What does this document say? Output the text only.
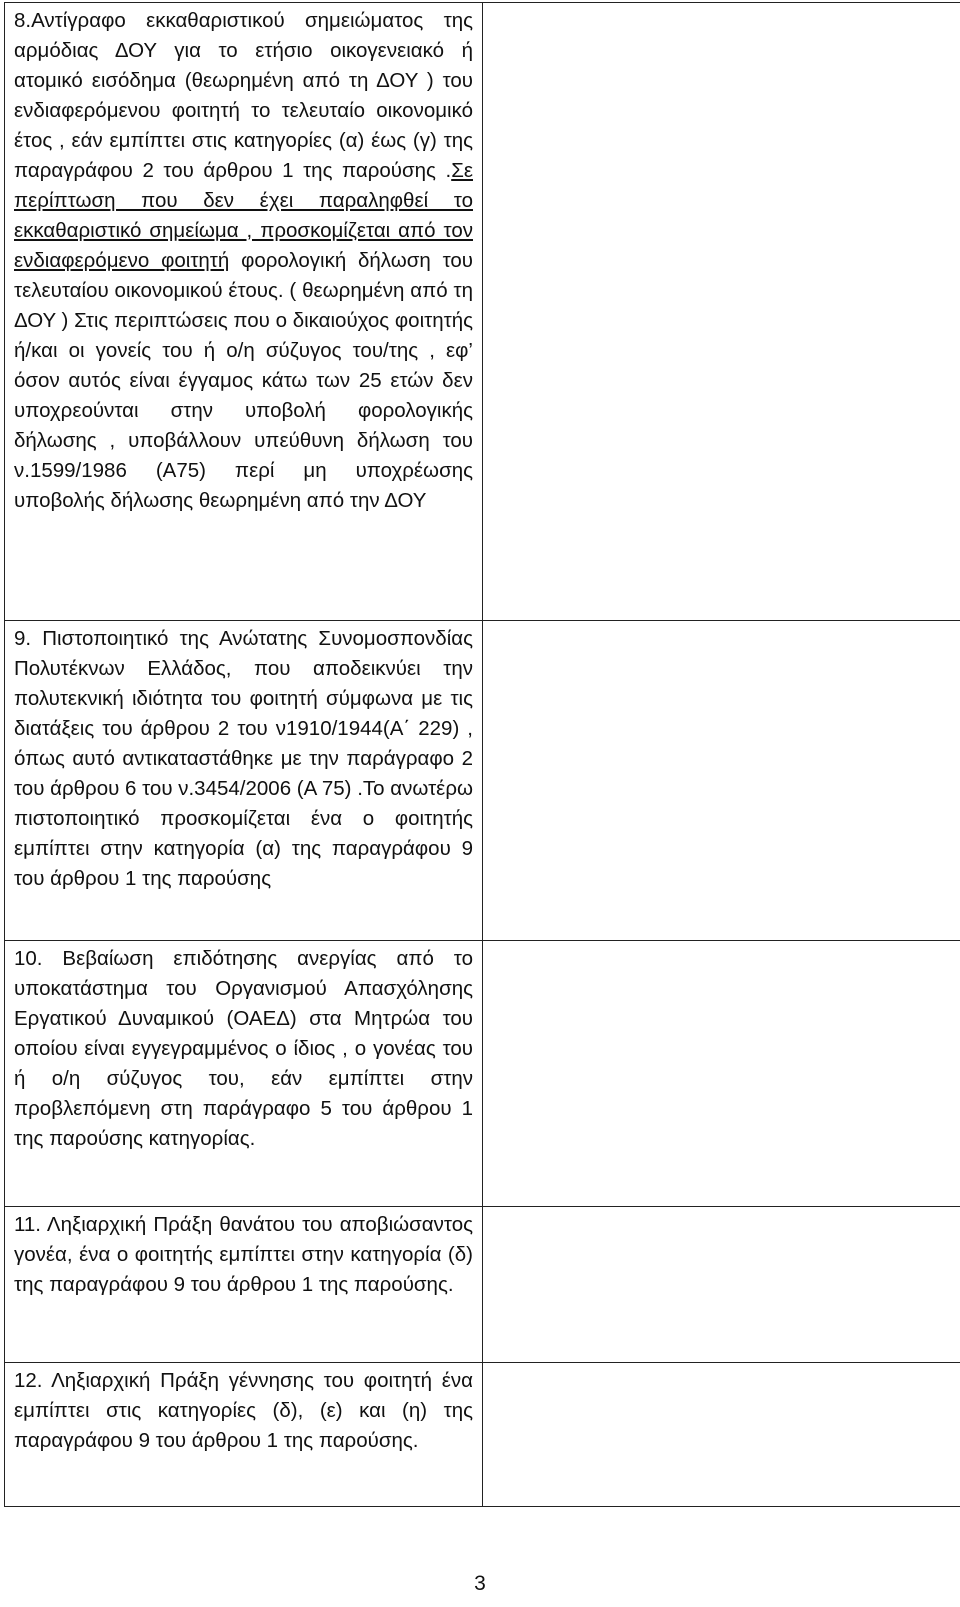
8.Αντίγραφο εκκαθαριστικού σημειώματος της αρμόδιας ΔΟΥ για το ετήσιο οικογενειακό ή ατομικό εισόδημα (θεωρημένη από τη ΔΟΥ ) του ενδιαφερόμενου φοιτητή το τελευταίο οικονομικό έτος , εάν εμπίπτει στις κατηγορίες (α) έως (γ) της παραγράφου 2 του άρθρου 1 της παρούσης .Σε περίπτωση που δεν έχει παραληφθεί το εκκαθαριστικό σημείωμα , προσκομίζεται από τον ενδιαφερόμενο φοιτητή φορολογική δήλωση του τελευταίου οικονομικού έτους. ( θεωρημένη από τη ΔΟΥ ) Στις περιπτώσεις που ο δικαιούχος φοιτητής ή/και οι γονείς του ή ο/η σύζυγος του/της , εφ’ όσον αυτός είναι έγγαμος κάτω των 25 ετών δεν υποχρεούνται στην υποβολή φορολογικής δήλωσης , υποβάλλουν υπεύθυνη δήλωση του ν.1599/1986 (Α75) περί μη υποχρέωσης υποβολής δήλωσης θεωρημένη από την ΔΟΥ	
9. Πιστοποιητικό της Ανώτατης Συνομοσπονδίας Πολυτέκνων Ελλάδος, που αποδεικνύει την πολυτεκνική ιδιότητα του φοιτητή σύμφωνα με τις διατάξεις του άρθρου 2 του ν1910/1944(Α΄ 229) , όπως αυτό αντικαταστάθηκε με την παράγραφο 2 του άρθρου 6 του ν.3454/2006 (Α 75) .Το ανωτέρω πιστοποιητικό προσκομίζεται ένα ο φοιτητής εμπίπτει στην κατηγορία (α) της παραγράφου 9 του άρθρου 1 της παρούσης	
10. Βεβαίωση επιδότησης ανεργίας από το υποκατάστημα του Οργανισμού Απασχόλησης Εργατικού Δυναμικού (ΟΑΕΔ) στα Μητρώα του οποίου είναι εγγεγραμμένος ο ίδιος , ο γονέας του ή ο/η σύζυγος του, εάν εμπίπτει στην προβλεπόμενη στη παράγραφο 5 του άρθρου 1 της παρούσης κατηγορίας.	
11. Ληξιαρχική Πράξη θανάτου του αποβιώσαντος γονέα, ένα ο φοιτητής εμπίπτει στην κατηγορία (δ) της παραγράφου 9 του άρθρου 1 της παρούσης.	
12. Ληξιαρχική Πράξη γέννησης του φοιτητή ένα εμπίπτει στις κατηγορίες (δ), (ε) και (η) της παραγράφου 9 του άρθρου 1 της παρούσης.	
3
